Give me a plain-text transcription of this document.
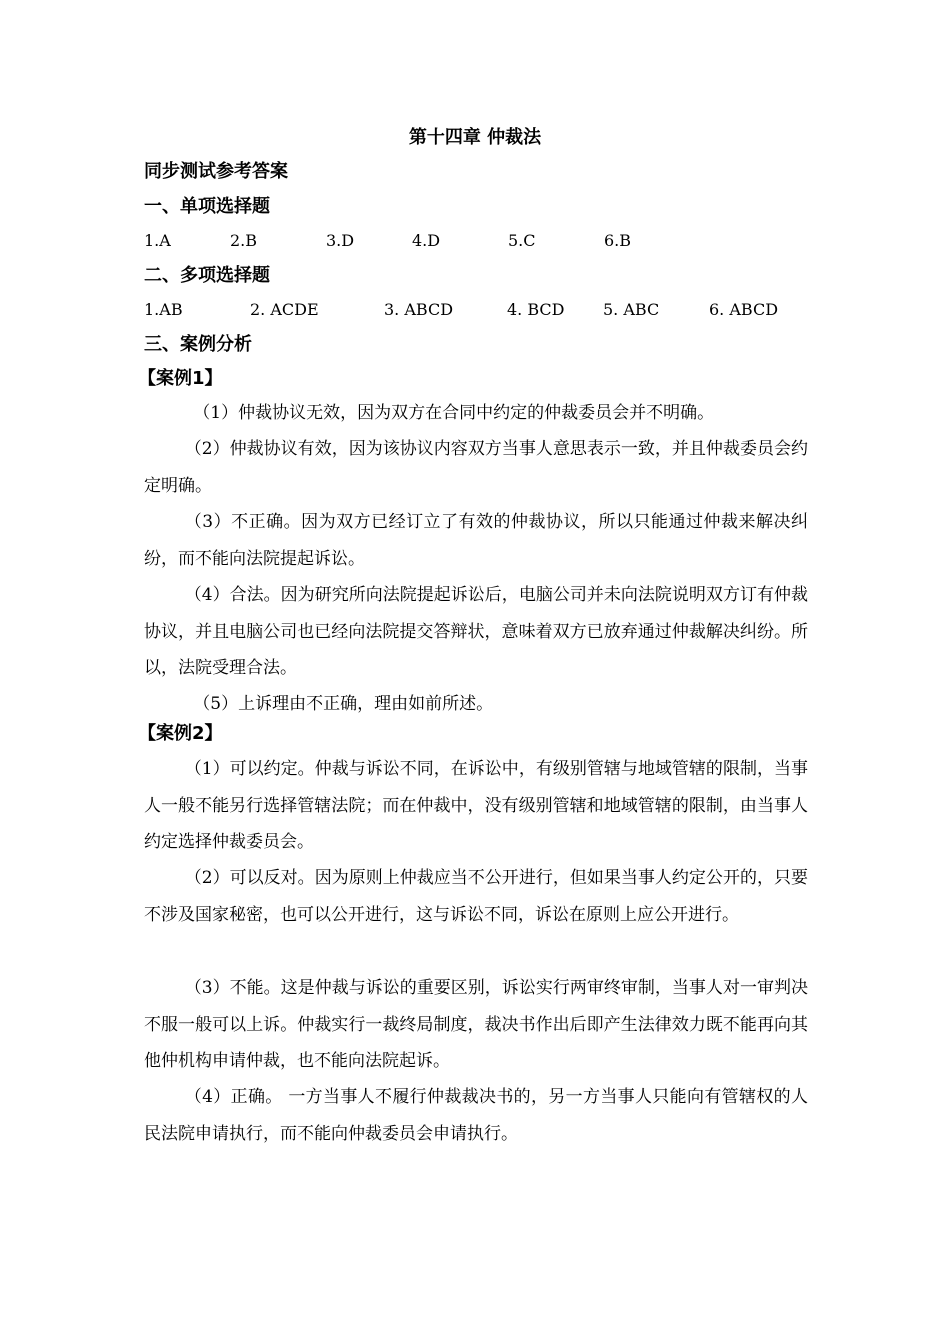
第十四章 仲裁法
同步测试参考答案
一、单项选择题
1.A	2.B	3.D	4.D	5.C	6.B
二、多项选择题
1.AB	2. ACDE	3. ABCD	4. BCD 5. ABC	6. ABCD
三、案例分析
【案例1】
（1）仲裁协议无效，因为双方在合同中约定的仲裁委员会并不明确。
（2）仲裁协议有效，因为该协议内容双方当事人意思表示一致，并且仲裁委员会约定明确。
（3）不正确。因为双方已经订立了有效的仲裁协议，所以只能通过仲裁来解决纠纷，而不能向法院提起诉讼。
（4）合法。因为研究所向法院提起诉讼后，电脑公司并未向法院说明双方订有仲裁协议，并且电脑公司也已经向法院提交答辩状，意味着双方已放弃通过仲裁解决纠纷。所以，法院受理合法。
（5）上诉理由不正确，理由如前所述。
【案例2】
（1）可以约定。仲裁与诉讼不同，在诉讼中，有级别管辖与地域管辖的限制，当事人一般不能另行选择管辖法院；而在仲裁中，没有级别管辖和地域管辖的限制，由当事人约定选择仲裁委员会。
（2）可以反对。因为原则上仲裁应当不公开进行，但如果当事人约定公开的，只要不涉及国家秘密，也可以公开进行，这与诉讼不同，诉讼在原则上应公开进行。
（3）不能。这是仲裁与诉讼的重要区别，诉讼实行两审终审制，当事人对一审判决不服一般可以上诉。仲裁实行一裁终局制度，裁决书作出后即产生法律效力既不能再向其他仲机构申请仲裁，也不能向法院起诉。
（4）正确。 一方当事人不履行仲裁裁决书的，另一方当事人只能向有管辖权的人民法院申请执行，而不能向仲裁委员会申请执行。
